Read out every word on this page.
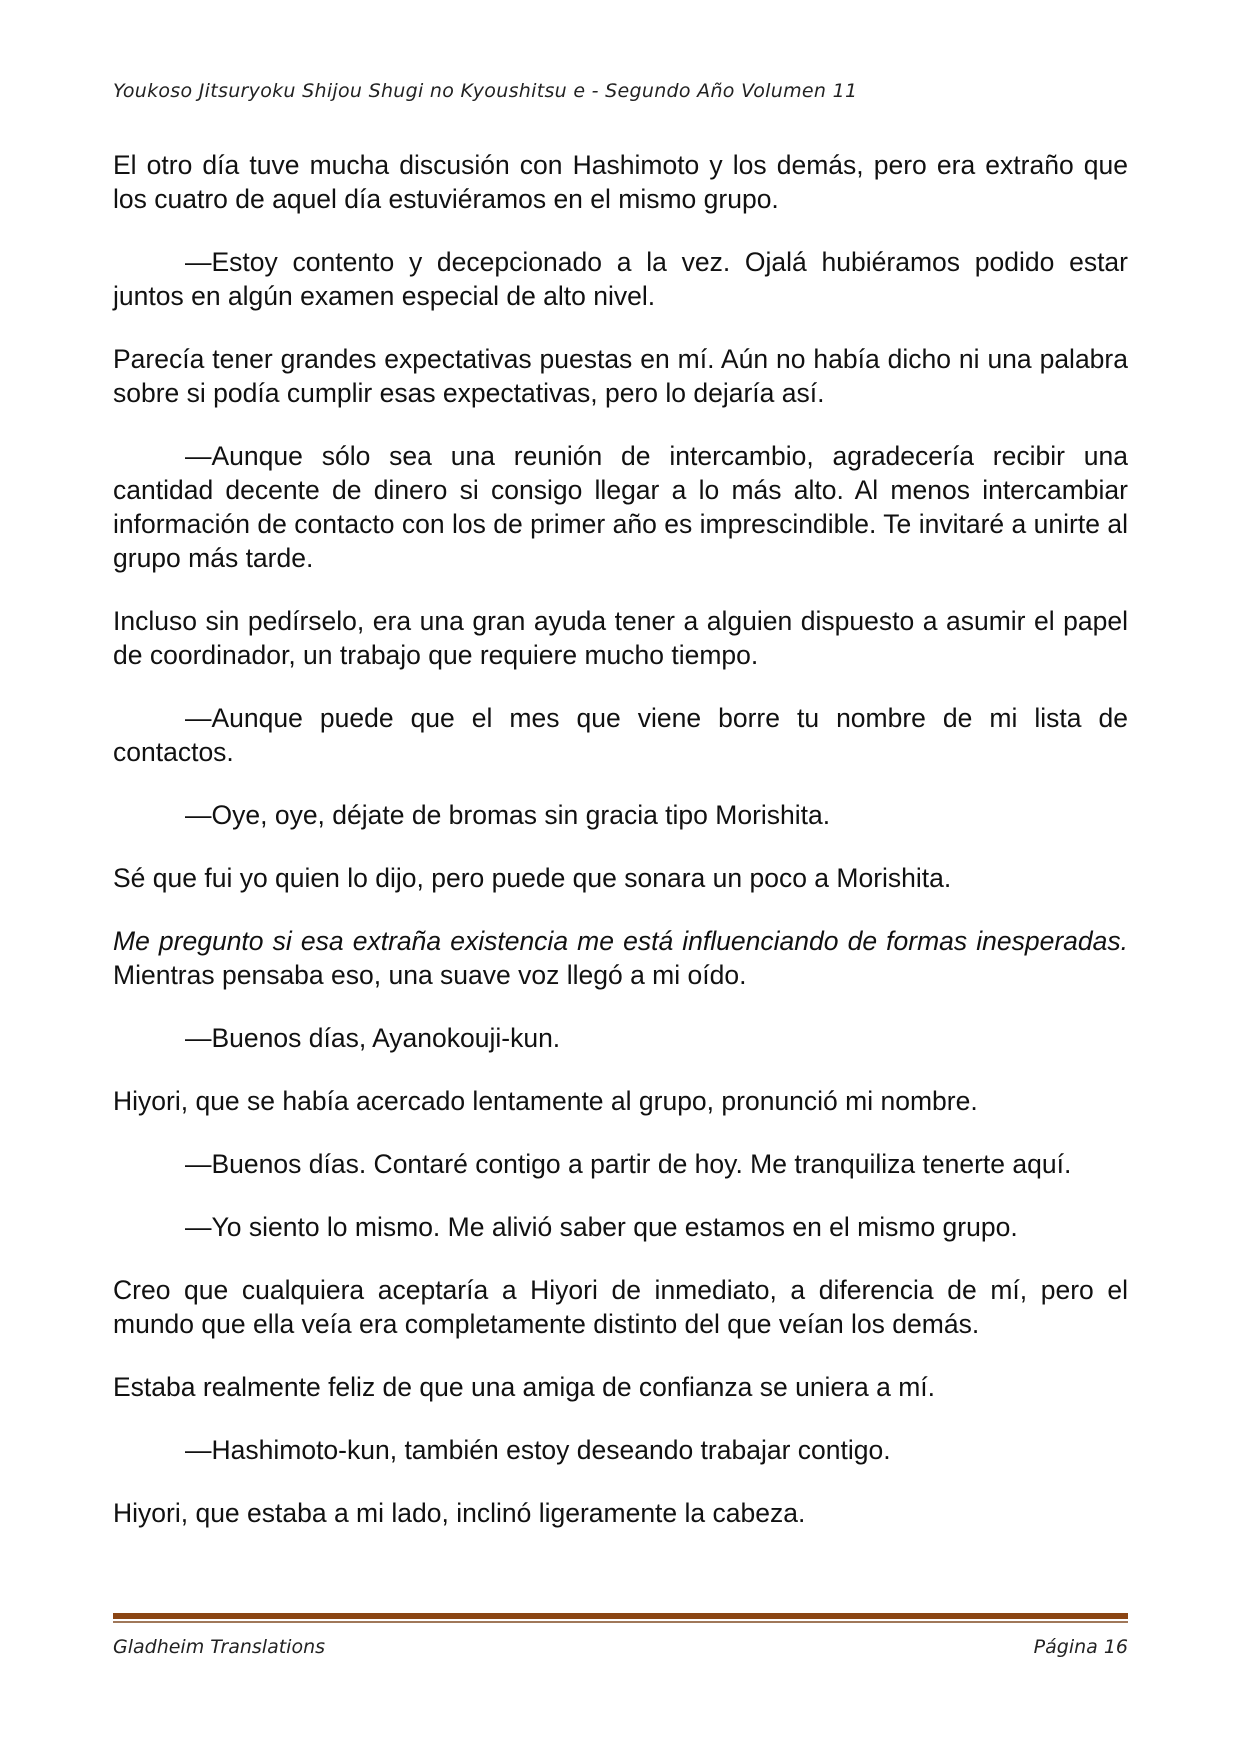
Youkoso Jitsuryoku Shijou Shugi no Kyoushitsu e - Segundo Año Volumen 11

El otro día tuve mucha discusión con Hashimoto y los demás, pero era extraño que los cuatro de aquel día estuviéramos en el mismo grupo.

—Estoy contento y decepcionado a la vez. Ojalá hubiéramos podido estar juntos en algún examen especial de alto nivel.

Parecía tener grandes expectativas puestas en mí. Aún no había dicho ni una palabra sobre si podía cumplir esas expectativas, pero lo dejaría así.

—Aunque sólo sea una reunión de intercambio, agradecería recibir una cantidad decente de dinero si consigo llegar a lo más alto. Al menos intercambiar información de contacto con los de primer año es imprescindible. Te invitaré a unirte al grupo más tarde.

Incluso sin pedírselo, era una gran ayuda tener a alguien dispuesto a asumir el papel de coordinador, un trabajo que requiere mucho tiempo.

—Aunque puede que el mes que viene borre tu nombre de mi lista de contactos.

—Oye, oye, déjate de bromas sin gracia tipo Morishita.

Sé que fui yo quien lo dijo, pero puede que sonara un poco a Morishita.

Me pregunto si esa extraña existencia me está influenciando de formas inesperadas. Mientras pensaba eso, una suave voz llegó a mi oído.

—Buenos días, Ayanokouji-kun.

Hiyori, que se había acercado lentamente al grupo, pronunció mi nombre.

—Buenos días. Contaré contigo a partir de hoy. Me tranquiliza tenerte aquí.

—Yo siento lo mismo. Me alivió saber que estamos en el mismo grupo.

Creo que cualquiera aceptaría a Hiyori de inmediato, a diferencia de mí, pero el mundo que ella veía era completamente distinto del que veían los demás.

Estaba realmente feliz de que una amiga de confianza se uniera a mí.

—Hashimoto-kun, también estoy deseando trabajar contigo.

Hiyori, que estaba a mi lado, inclinó ligeramente la cabeza.

Gladheim Translations	Página 16
